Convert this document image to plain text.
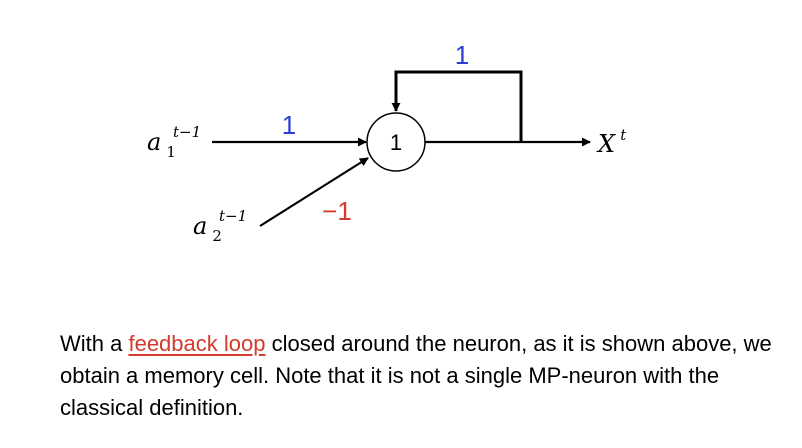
1
1
1
−1
a 1 t−1
a 2 t−1
X t

With a feedback loop closed around the neuron, as it is shown above, we obtain a memory cell. Note that it is not a single MP-neuron with the classical definition.
